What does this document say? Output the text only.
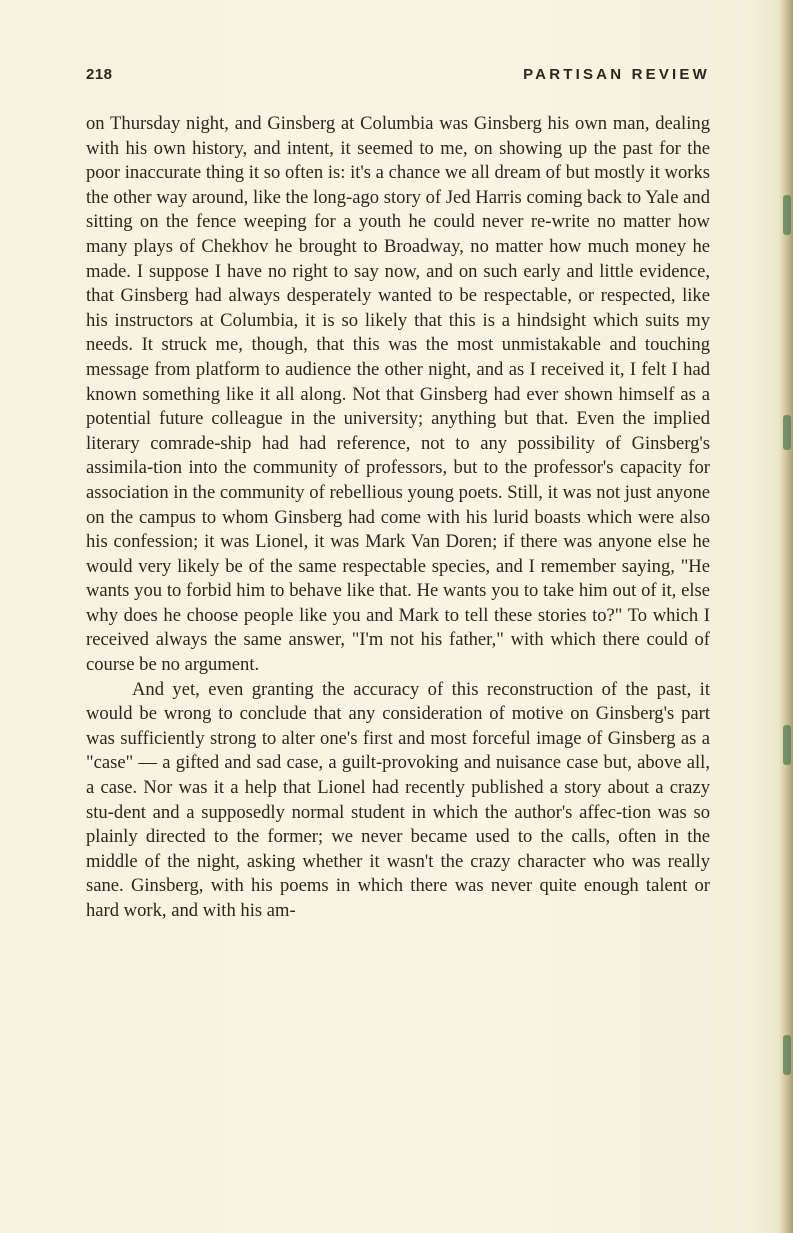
218	PARTISAN REVIEW

on Thursday night, and Ginsberg at Columbia was Ginsberg his own man, dealing with his own history, and intent, it seemed to me, on showing up the past for the poor inaccurate thing it so often is: it's a chance we all dream of but mostly it works the other way around, like the long-ago story of Jed Harris coming back to Yale and sitting on the fence weeping for a youth he could never re-write no matter how many plays of Chekhov he brought to Broadway, no matter how much money he made. I suppose I have no right to say now, and on such early and little evidence, that Ginsberg had always desperately wanted to be respectable, or respected, like his instructors at Columbia, it is so likely that this is a hindsight which suits my needs. It struck me, though, that this was the most unmistakable and touching message from platform to audience the other night, and as I received it, I felt I had known something like it all along. Not that Ginsberg had ever shown himself as a potential future colleague in the university; anything but that. Even the implied literary comrade-ship had had reference, not to any possibility of Ginsberg's assimila-tion into the community of professors, but to the professor's capacity for association in the community of rebellious young poets. Still, it was not just anyone on the campus to whom Ginsberg had come with his lurid boasts which were also his confession; it was Lionel, it was Mark Van Doren; if there was anyone else he would very likely be of the same respectable species, and I remember saying, "He wants you to forbid him to behave like that. He wants you to take him out of it, else why does he choose people like you and Mark to tell these stories to?" To which I received always the same answer, "I'm not his father," with which there could of course be no argument.

And yet, even granting the accuracy of this reconstruction of the past, it would be wrong to conclude that any consideration of motive on Ginsberg's part was sufficiently strong to alter one's first and most forceful image of Ginsberg as a "case" — a gifted and sad case, a guilt-provoking and nuisance case but, above all, a case. Nor was it a help that Lionel had recently published a story about a crazy stu-dent and a supposedly normal student in which the author's affec-tion was so plainly directed to the former; we never became used to the calls, often in the middle of the night, asking whether it wasn't the crazy character who was really sane. Ginsberg, with his poems in which there was never quite enough talent or hard work, and with his am-
